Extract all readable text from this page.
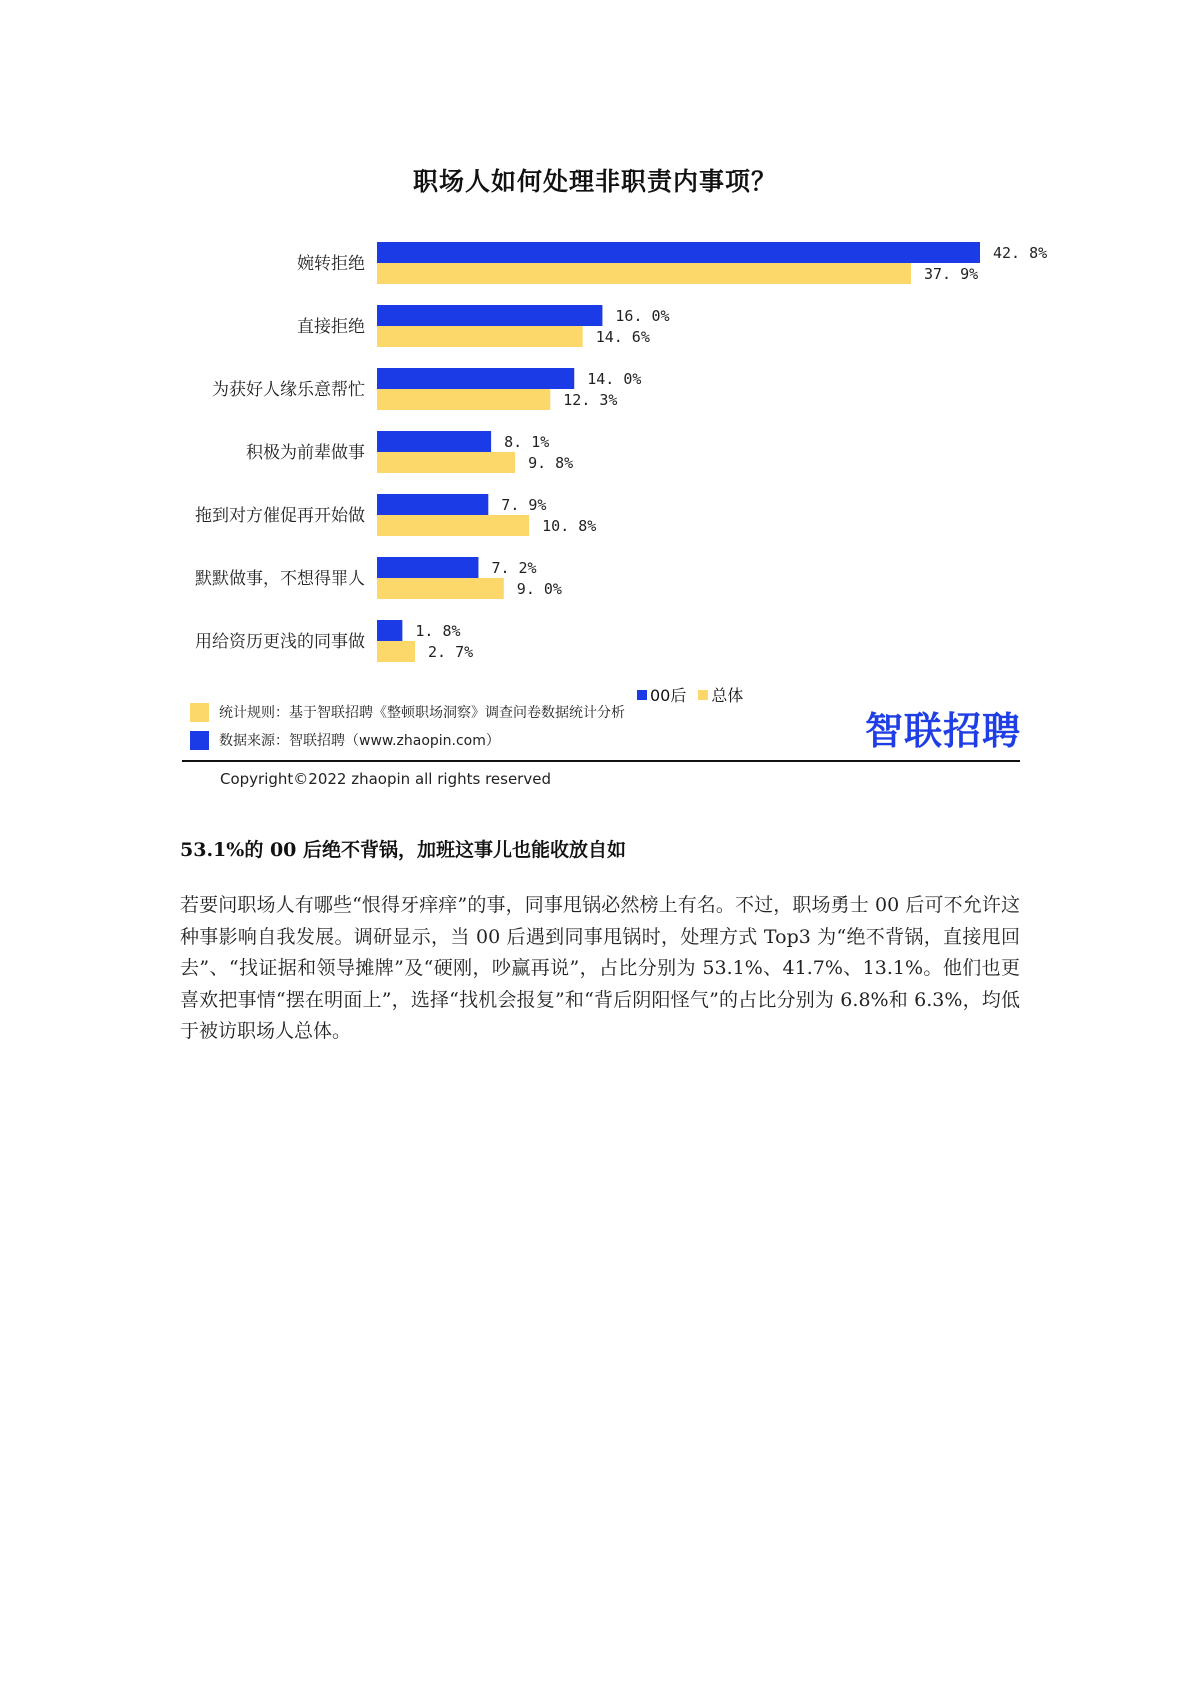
职场人如何处理非职责内事项？
婉转拒绝
42. 8%
37. 9%
直接拒绝
16. 0%
14. 6%
为获好人缘乐意帮忙
14. 0%
12. 3%
积极为前辈做事
8. 1%
9. 8%
拖到对方催促再开始做
7. 9%
10. 8%
默默做事，不想得罪人
7. 2%
9. 0%
用给资历更浅的同事做
1. 8%
2. 7%
00后 总体
统计规则：基于智联招聘《整顿职场洞察》调查问卷数据统计分析
数据来源：智联招聘（www.zhaopin.com）	智联招聘
Copyright©2022 zhaopin all rights reserved
53.1%的 00 后绝不背锅，加班这事儿也能收放自如

若要问职场人有哪些“恨得牙痒痒”的事，同事甩锅必然榜上有名。不过，职场勇士 00 后可不允许这种事影响自我发展。调研显示，当 00 后遇到同事甩锅时，处理方式 Top3 为“绝不背锅，直接甩回去”、“找证据和领导摊牌”及“硬刚，吵赢再说”，占比分别为 53.1%、41.7%、13.1%。他们也更喜欢把事情“摆在明面上”，选择“找机会报复”和“背后阴阳怪气”的占比分别为 6.8%和 6.3%，均低于被访职场人总体。
